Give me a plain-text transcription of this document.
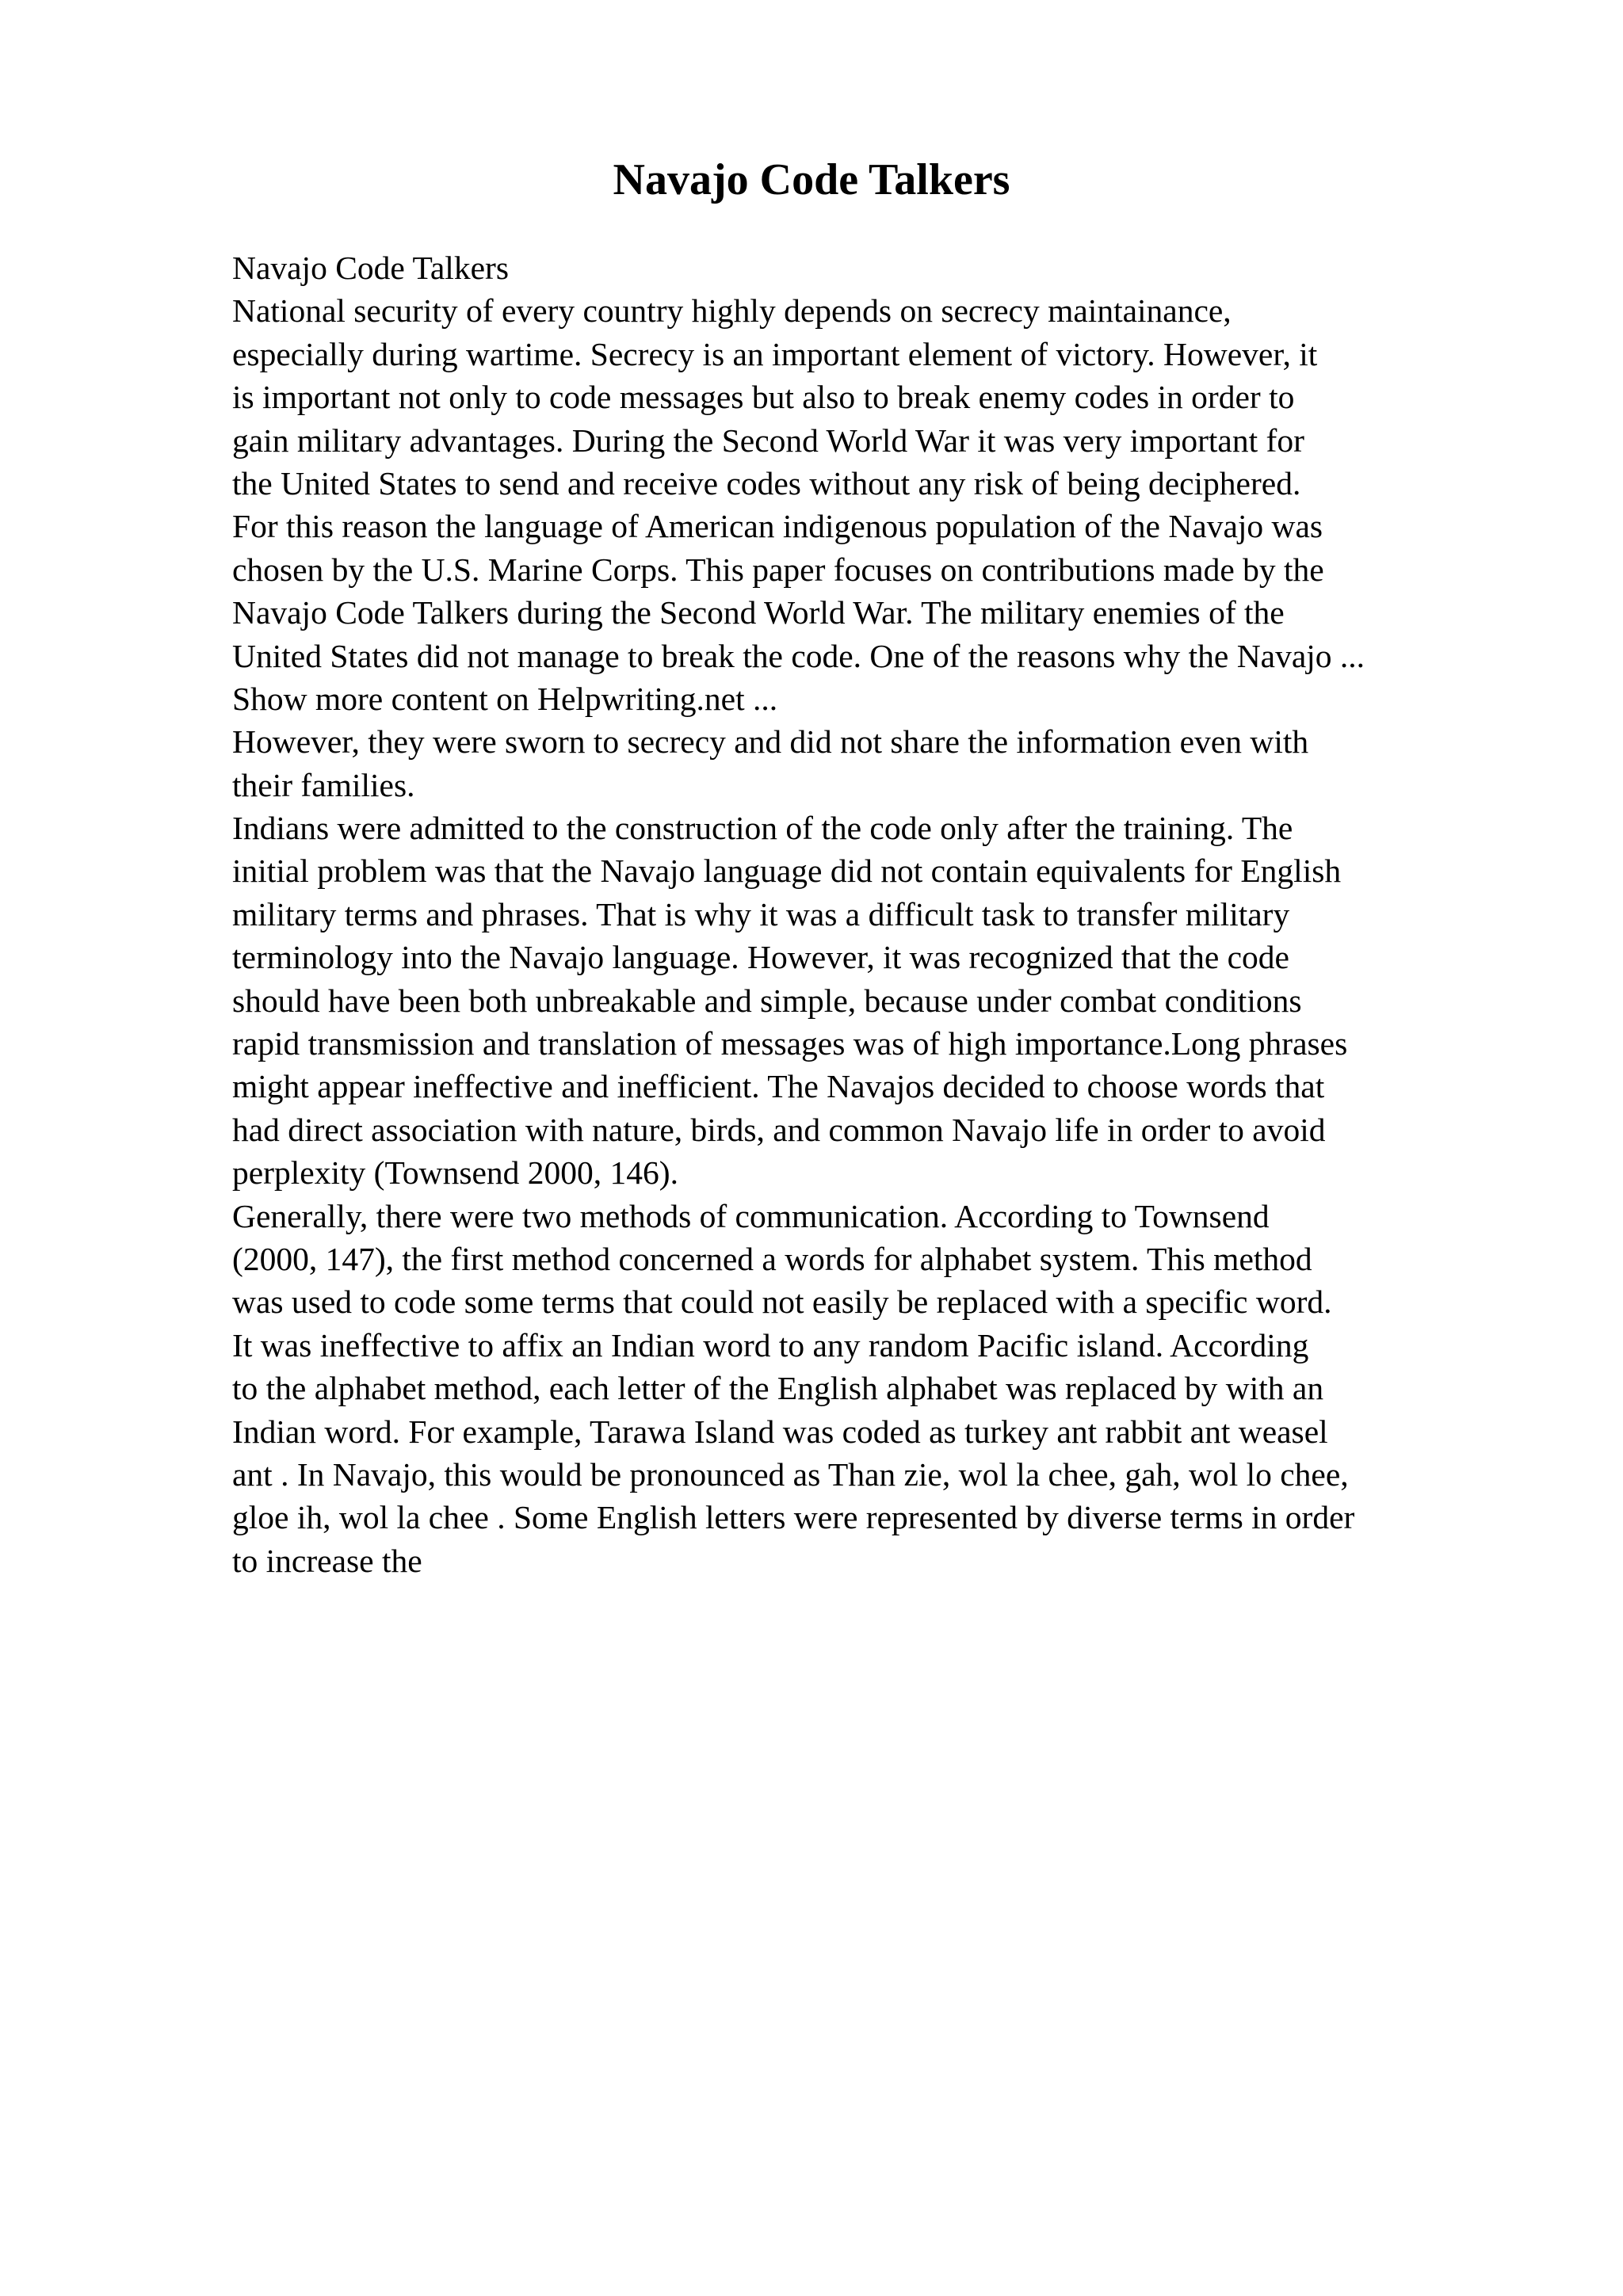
Navajo Code Talkers
Navajo Code Talkers
National security of every country highly depends on secrecy maintainance,
especially during wartime. Secrecy is an important element of victory. However, it
is important not only to code messages but also to break enemy codes in order to
gain military advantages. During the Second World War it was very important for
the United States to send and receive codes without any risk of being deciphered.
For this reason the language of American indigenous population of the Navajo was
chosen by the U.S. Marine Corps. This paper focuses on contributions made by the
Navajo Code Talkers during the Second World War. The military enemies of the
United States did not manage to break the code. One of the reasons why the Navajo ...
Show more content on Helpwriting.net ...
However, they were sworn to secrecy and did not share the information even with
their families.
Indians were admitted to the construction of the code only after the training. The
initial problem was that the Navajo language did not contain equivalents for English
military terms and phrases. That is why it was a difficult task to transfer military
terminology into the Navajo language. However, it was recognized that the code
should have been both unbreakable and simple, because under combat conditions
rapid transmission and translation of messages was of high importance.Long phrases
might appear ineffective and inefficient. The Navajos decided to choose words that
had direct association with nature, birds, and common Navajo life in order to avoid
perplexity (Townsend 2000, 146).
Generally, there were two methods of communication. According to Townsend
(2000, 147), the first method concerned a words for alphabet system. This method
was used to code some terms that could not easily be replaced with a specific word.
It was ineffective to affix an Indian word to any random Pacific island. According
to the alphabet method, each letter of the English alphabet was replaced by with an
Indian word. For example, Tarawa Island was coded as turkey ant rabbit ant weasel
ant . In Navajo, this would be pronounced as Than zie, wol la chee, gah, wol lo chee,
gloe ih, wol la chee . Some English letters were represented by diverse terms in order
to increase the
